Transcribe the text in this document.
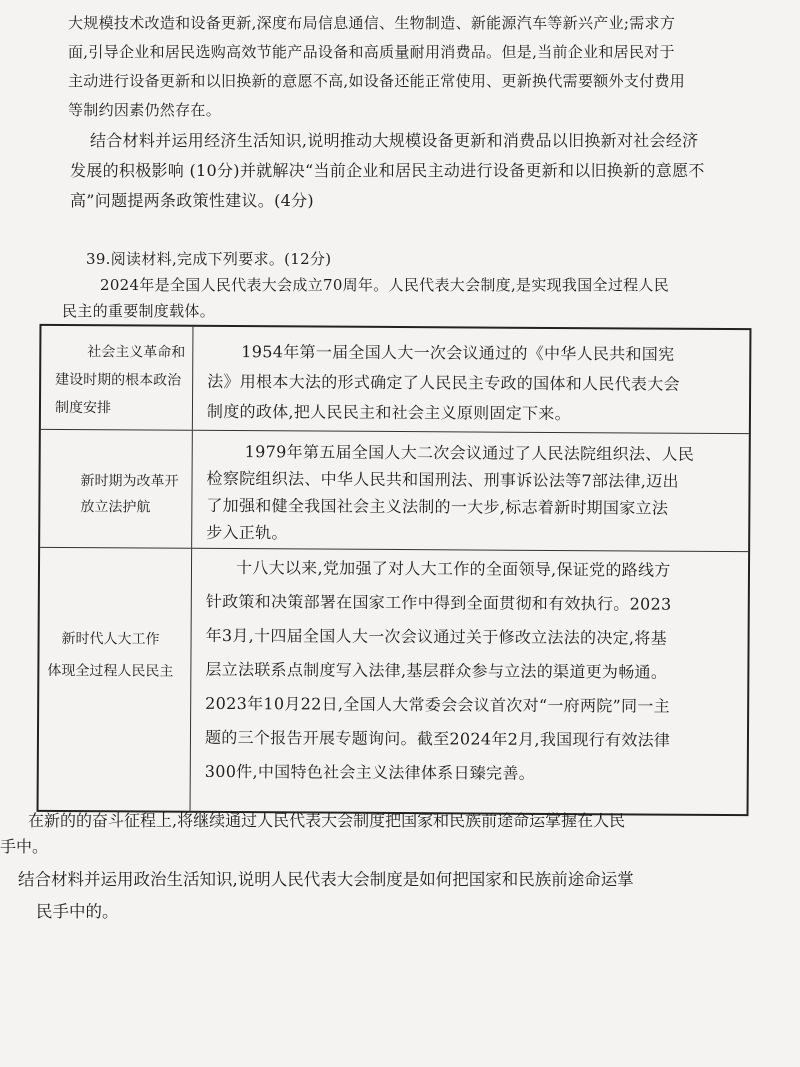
大规模技术改造和设备更新,深度布局信息通信、生物制造、新能源汽车等新兴产业;需求方
面,引导企业和居民选购高效节能产品设备和高质量耐用消费品。但是,当前企业和居民对于
主动进行设备更新和以旧换新的意愿不高,如设备还能正常使用、更新换代需要额外支付费用
等制约因素仍然存在。
结合材料并运用经济生活知识,说明推动大规模设备更新和消费品以旧换新对社会经济
发展的积极影响 (10分)并就解决“当前企业和居民主动进行设备更新和以旧换新的意愿不
高”问题提两条政策性建议。(4分)
39.阅读材料,完成下列要求。(12分)
2024年是全国人民代表大会成立70周年。人民代表大会制度,是实现我国全过程人民
民主的重要制度载体。
社会主义革命和
建设时期的根本政治
制度安排
1954年第一届全国人大一次会议通过的《中华人民共和国宪
法》用根本大法的形式确定了人民民主专政的国体和人民代表大会
制度的政体,把人民民主和社会主义原则固定下来。
新时期为改革开
放立法护航
1979年第五届全国人大二次会议通过了人民法院组织法、人民
检察院组织法、中华人民共和国刑法、刑事诉讼法等7部法律,迈出
了加强和健全我国社会主义法制的一大步,标志着新时期国家立法
步入正轨。
新时代人大工作
体现全过程人民民主
十八大以来,党加强了对人大工作的全面领导,保证党的路线方
针政策和决策部署在国家工作中得到全面贯彻和有效执行。2023
年3月,十四届全国人大一次会议通过关于修改立法法的决定,将基
层立法联系点制度写入法律,基层群众参与立法的渠道更为畅通。
2023年10月22日,全国人大常委会会议首次对“一府两院”同一主
题的三个报告开展专题询问。截至2024年2月,我国现行有效法律
300件,中国特色社会主义法律体系日臻完善。
在新的的奋斗征程上,将继续通过人民代表大会制度把国家和民族前途命运掌握在人民
手中。
结合材料并运用政治生活知识,说明人民代表大会制度是如何把国家和民族前途命运掌
民手中的。
